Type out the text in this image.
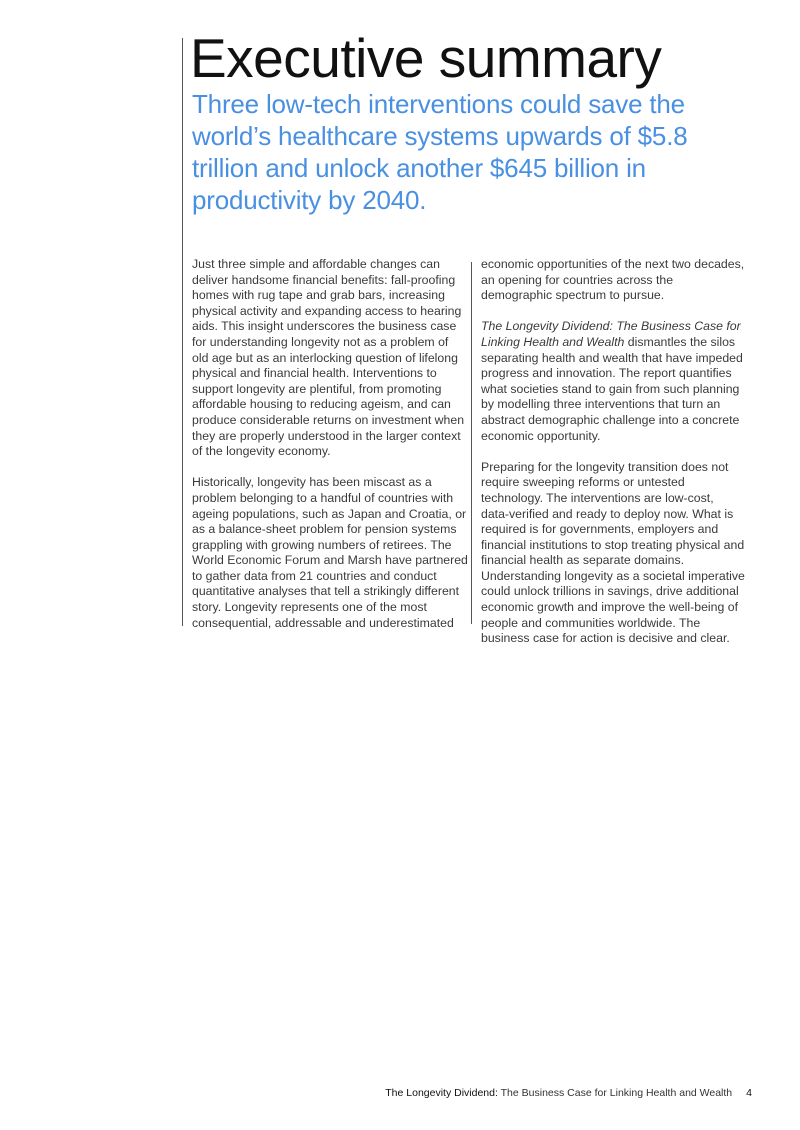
Executive summary
Three low-tech interventions could save the world’s healthcare systems upwards of $5.8 trillion and unlock another $645 billion in productivity by 2040.

Just three simple and affordable changes can deliver handsome financial benefits: fall-proofing homes with rug tape and grab bars, increasing physical activity and expanding access to hearing aids. This insight underscores the business case for understanding longevity not as a problem of old age but as an interlocking question of lifelong physical and financial health. Interventions to support longevity are plentiful, from promoting affordable housing to reducing ageism, and can produce considerable returns on investment when they are properly understood in the larger context of the longevity economy.

Historically, longevity has been miscast as a problem belonging to a handful of countries with ageing populations, such as Japan and Croatia, or as a balance-sheet problem for pension systems grappling with growing numbers of retirees. The World Economic Forum and Marsh have partnered to gather data from 21 countries and conduct quantitative analyses that tell a strikingly different story. Longevity represents one of the most consequential, addressable and underestimated

economic opportunities of the next two decades, an opening for countries across the demographic spectrum to pursue.

The Longevity Dividend: The Business Case for Linking Health and Wealth dismantles the silos separating health and wealth that have impeded progress and innovation. The report quantifies what societies stand to gain from such planning by modelling three interventions that turn an abstract demographic challenge into a concrete economic opportunity.

Preparing for the longevity transition does not require sweeping reforms or untested technology. The interventions are low-cost, data-verified and ready to deploy now. What is required is for governments, employers and financial institutions to stop treating physical and financial health as separate domains. Understanding longevity as a societal imperative could unlock trillions in savings, drive additional economic growth and improve the well-being of people and communities worldwide. The business case for action is decisive and clear.

The Longevity Dividend: The Business Case for Linking Health and Wealth 4
